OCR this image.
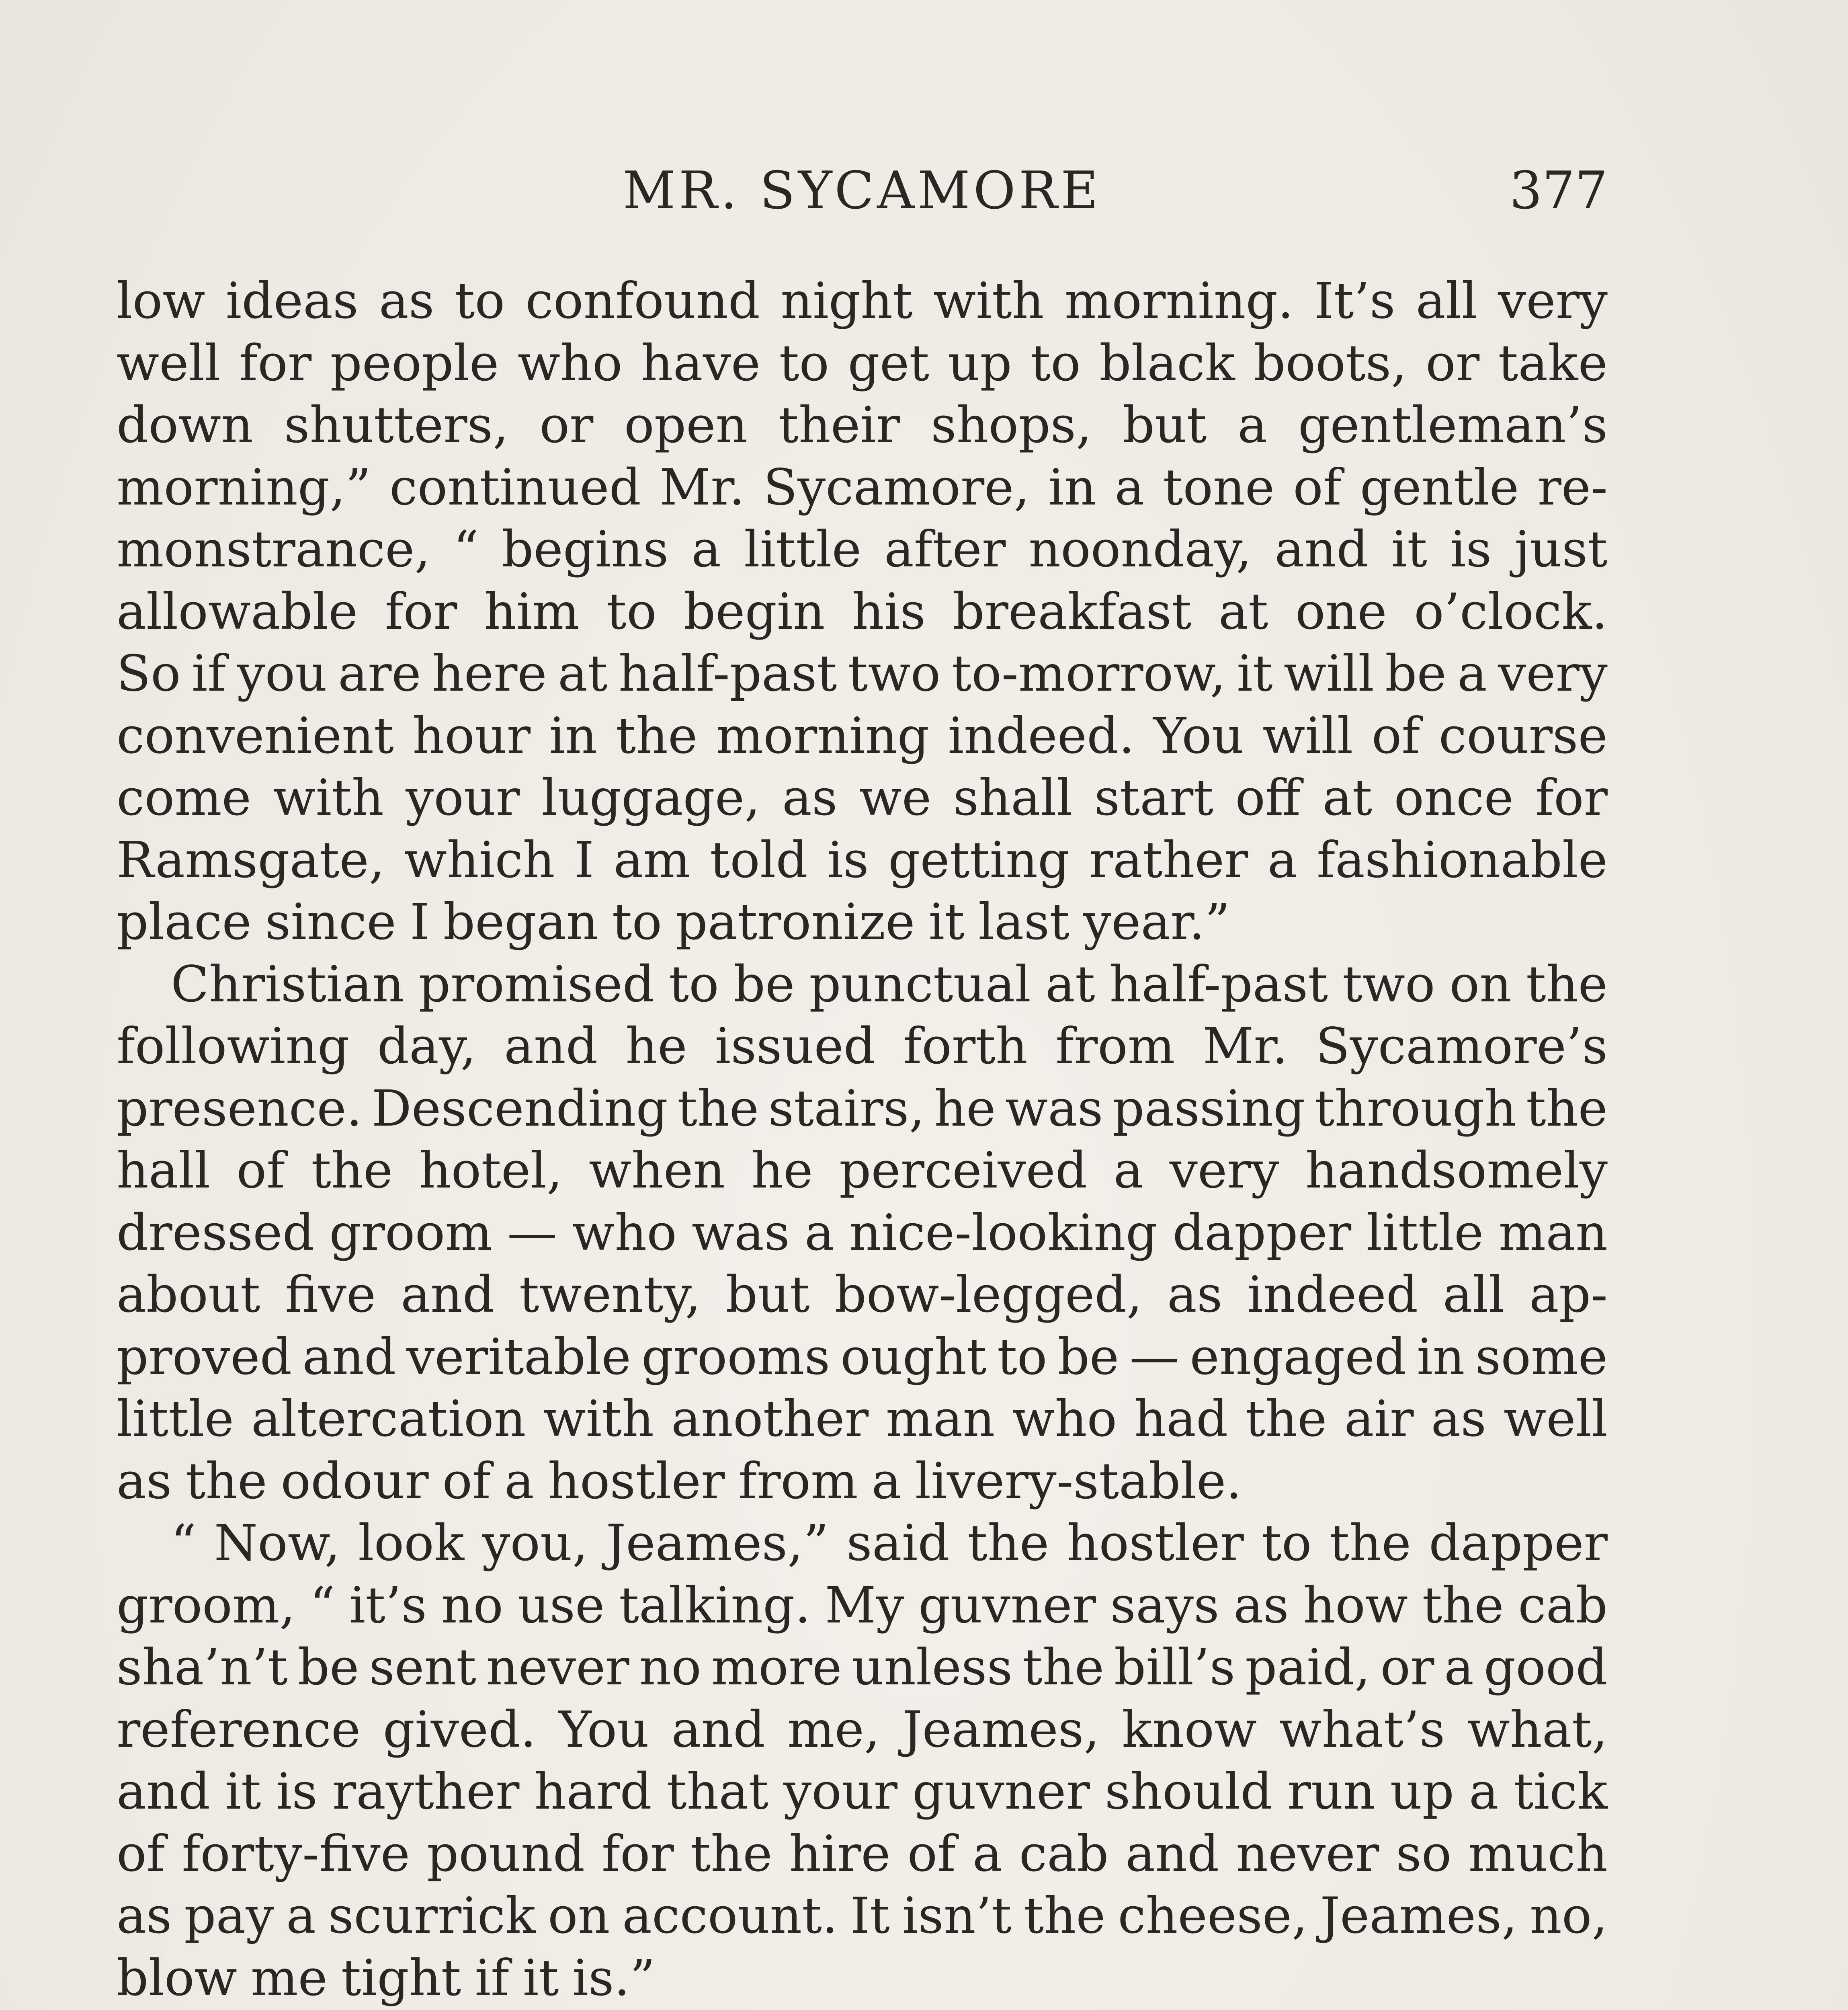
MR. SYCAMORE	377
low ideas as to confound night with morning. It’s all very
well for people who have to get up to black boots, or take
down shutters, or open their shops, but a gentleman’s
morning,” continued Mr. Sycamore, in a tone of gentle re-
monstrance, “ begins a little after noonday, and it is just
allowable for him to begin his breakfast at one o’clock.
So if you are here at half-past two to-morrow, it will be a very
convenient hour in the morning indeed. You will of course
come with your luggage, as we shall start off at once for
Ramsgate, which I am told is getting rather a fashionable
place since I began to patronize it last year.”
Christian promised to be punctual at half-past two on the
following day, and he issued forth from Mr. Sycamore’s
presence. Descending the stairs, he was passing through the
hall of the hotel, when he perceived a very handsomely
dressed groom — who was a nice-looking dapper little man
about five and twenty, but bow-legged, as indeed all ap-
proved and veritable grooms ought to be — engaged in some
little altercation with another man who had the air as well
as the odour of a hostler from a livery-stable.
“ Now, look you, Jeames,” said the hostler to the dapper
groom, “ it’s no use talking. My guvner says as how the cab
sha’n’t be sent never no more unless the bill’s paid, or a good
reference gived. You and me, Jeames, know what’s what,
and it is rayther hard that your guvner should run up a tick
of forty-five pound for the hire of a cab and never so much
as pay a scurrick on account. It isn’t the cheese, Jeames, no,
blow me tight if it is.”
